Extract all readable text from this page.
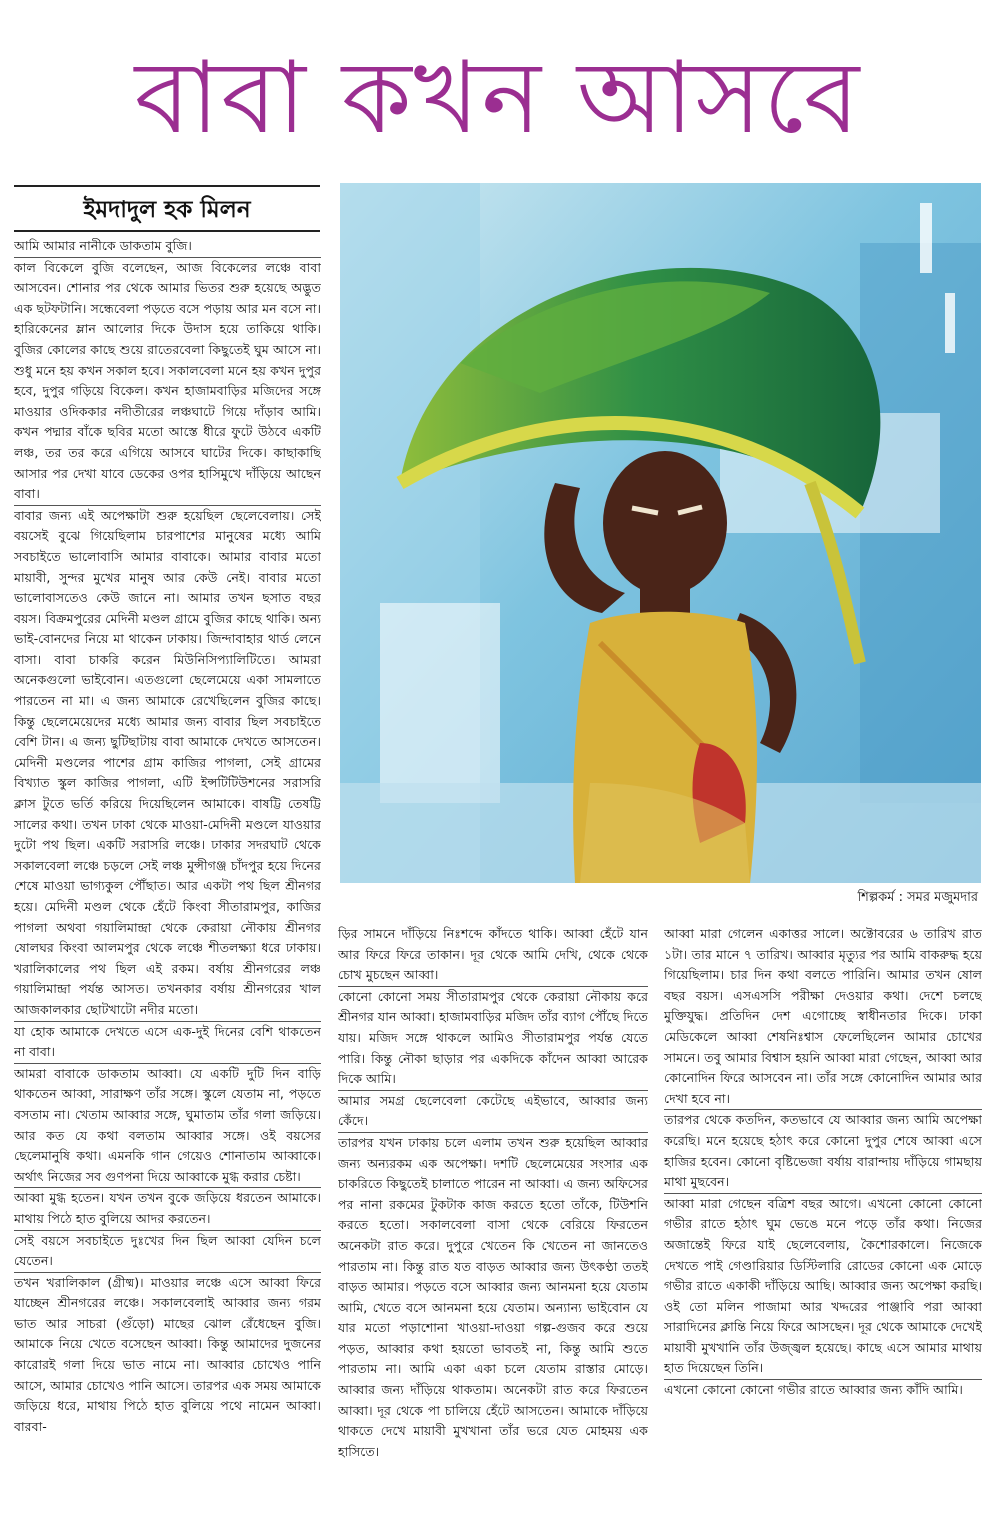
বাবা কখন আসবে
ইমদাদুল হক মিলন

আমি আমার নানীকে ডাকতাম বুজি।

কাল বিকেলে বুজি বলেছেন, আজ বিকেলের লঞ্চে বাবা আসবেন। শোনার পর থেকে আমার ভিতর শুরু হয়েছে অদ্ভুত এক ছটফটানি। সন্ধেবেলা পড়তে বসে পড়ায় আর মন বসে না। হারিকেনের ম্লান আলোর দিকে উদাস হয়ে তাকিয়ে থাকি। বুজির কোলের কাছে শুয়ে রাতেরবেলা কিছুতেই ঘুম আসে না। শুধু মনে হয় কখন সকাল হবে। সকালবেলা মনে হয় কখন দুপুর হবে, দুপুর গড়িয়ে বিকেল। কখন হাজামবাড়ির মজিদের সঙ্গে মাওয়ার ওদিককার নদীতীরের লঞ্চঘাটে গিয়ে দাঁড়াব আমি। কখন পদ্মার বাঁকে ছবির মতো আস্তে ধীরে ফুটে উঠবে একটি লঞ্চ, তর তর করে এগিয়ে আসবে ঘাটের দিকে। কাছাকাছি আসার পর দেখা যাবে ডেকের ওপর হাসিমুখে দাঁড়িয়ে আছেন বাবা।

বাবার জন্য এই অপেক্ষাটা শুরু হয়েছিল ছেলেবেলায়। সেই বয়সেই বুঝে গিয়েছিলাম চারপাশের মানুষের মধ্যে আমি সবচাইতে ভালোবাসি আমার বাবাকে। আমার বাবার মতো মায়াবী, সুন্দর মুখের মানুষ আর কেউ নেই। বাবার মতো ভালোবাসতেও কেউ জানে না। আমার তখন ছসাত বছর বয়স। বিক্রমপুরের মেদিনী মণ্ডল গ্রামে বুজির কাছে থাকি। অন্য ভাই-বোনদের নিয়ে মা থাকেন ঢাকায়। জিন্দাবাহার থার্ড লেনে বাসা। বাবা চাকরি করেন মিউনিসিপ্যালিটিতে। আমরা অনেকগুলো ভাইবোন। এতগুলো ছেলেমেয়ে একা সামলাতে পারতেন না মা। এ জন্য আমাকে রেখেছিলেন বুজির কাছে। কিন্তু ছেলেমেয়েদের মধ্যে আমার জন্য বাবার ছিল সবচাইতে বেশি টান। এ জন্য ছুটিছাটায় বাবা আমাকে দেখতে আসতেন। মেদিনী মণ্ডলের পাশের গ্রাম কাজির পাগলা, সেই গ্রামের বিখ্যাত স্কুল কাজির পাগলা, এটি ইন্সটিটিউশনের সরাসরি ক্লাস টুতে ভর্তি করিয়ে দিয়েছিলেন আমাকে। বাষট্টি তেষট্টি সালের কথা। তখন ঢাকা থেকে মাওয়া-মেদিনী মণ্ডলে যাওয়ার দুটো পথ ছিল। একটি সরাসরি লঞ্চে। ঢাকার সদরঘাট থেকে সকালবেলা লঞ্চে চড়লে সেই লঞ্চ মুন্সীগঞ্জ চাঁদপুর হয়ে দিনের শেষে মাওয়া ভাগ্যকুল পৌঁছাত। আর একটা পথ ছিল শ্রীনগর হয়ে। মেদিনী মণ্ডল থেকে হেঁটে কিংবা সীতারামপুর, কাজির পাগলা অথবা গয়ালিমান্দ্রা থেকে কেরায়া নৌকায় শ্রীনগর ষোলঘর কিংবা আলমপুর থেকে লঞ্চে শীতলক্ষ্যা ধরে ঢাকায়। খরালিকালের পথ ছিল এই রকম। বর্ষায় শ্রীনগরের লঞ্চ গয়ালিমান্দ্রা পর্যন্ত আসত। তখনকার বর্ষায় শ্রীনগরের খাল আজকালকার ছোটখাটো নদীর মতো।

যা হোক আমাকে দেখতে এসে এক-দুই দিনের বেশি থাকতেন না বাবা।

আমরা বাবাকে ডাকতাম আব্বা। যে একটি দুটি দিন বাড়ি থাকতেন আব্বা, সারাক্ষণ তাঁর সঙ্গে। স্কুলে যেতাম না, পড়তে বসতাম না। খেতাম আব্বার সঙ্গে, ঘুমাতাম তাঁর গলা জড়িয়ে। আর কত যে কথা বলতাম আব্বার সঙ্গে। ওই বয়সের ছেলেমানুষি কথা। এমনকি গান গেয়েও শোনাতাম আব্বাকে। অর্থাৎ নিজের সব গুণপনা দিয়ে আব্বাকে মুগ্ধ করার চেষ্টা।

আব্বা মুগ্ধ হতেন। যখন তখন বুকে জড়িয়ে ধরতেন আমাকে। মাথায় পিঠে হাত বুলিয়ে আদর করতেন।

সেই বয়সে সবচাইতে দুঃখের দিন ছিল আব্বা যেদিন চলে যেতেন।

তখন খরালিকাল (গ্রীষ্ম)। মাওয়ার লঞ্চে এসে আব্বা ফিরে যাচ্ছেন শ্রীনগরের লঞ্চে। সকালবেলাই আব্বার জন্য গরম ভাত আর সাচরা (গুঁড়ো) মাছের ঝোল রেঁধেছেন বুজি। আমাকে নিয়ে খেতে বসেছেন আব্বা। কিন্তু আমাদের দুজনের কারোরই গলা দিয়ে ভাত নামে না। আব্বার চোখেও পানি আসে, আমার চোখেও পানি আসে। তারপর এক সময় আমাকে জড়িয়ে ধরে, মাথায় পিঠে হাত বুলিয়ে পথে নামেন আব্বা। বারবা-

শিল্পকর্ম : সমর মজুমদার

ড়ির সামনে দাঁড়িয়ে নিঃশব্দে কাঁদতে থাকি। আব্বা হেঁটে যান আর ফিরে ফিরে তাকান। দূর থেকে আমি দেখি, থেকে থেকে চোখ মুচছেন আব্বা।

কোনো কোনো সময় সীতারামপুর থেকে কেরায়া নৌকায় করে শ্রীনগর যান আব্বা। হাজামবাড়ির মজিদ তাঁর ব্যাগ পৌঁছে দিতে যায়। মজিদ সঙ্গে থাকলে আমিও সীতারামপুর পর্যন্ত যেতে পারি। কিন্তু নৌকা ছাড়ার পর একদিকে কাঁদেন আব্বা আরেক দিকে আমি।

আমার সমগ্র ছেলেবেলা কেটেছে এইভাবে, আব্বার জন্য কেঁদে।

তারপর যখন ঢাকায় চলে এলাম তখন শুরু হয়েছিল আব্বার জন্য অন্যরকম এক অপেক্ষা। দশটি ছেলেমেয়ের সংসার এক চাকরিতে কিছুতেই চালাতে পারেন না আব্বা। এ জন্য অফিসের পর নানা রকমের টুকটাক কাজ করতে হতো তাঁকে, টিউশনি করতে হতো। সকালবেলা বাসা থেকে বেরিয়ে ফিরতেন অনেকটা রাত করে। দুপুরে খেতেন কি খেতেন না জানতেও পারতাম না। কিন্তু রাত যত বাড়ত আব্বার জন্য উৎকণ্ঠা ততই বাড়ত আমার। পড়তে বসে আব্বার জন্য আনমনা হয়ে যেতাম আমি, খেতে বসে আনমনা হয়ে যেতাম। অন্যান্য ভাইবোন যে যার মতো পড়াশোনা খাওয়া-দাওয়া গল্প-গুজব করে শুয়ে পড়ত, আব্বার কথা হয়তো ভাবতই না, কিন্তু আমি শুতে পারতাম না। আমি একা একা চলে যেতাম রাস্তার মোড়ে। আব্বার জন্য দাঁড়িয়ে থাকতাম। অনেকটা রাত করে ফিরতেন আব্বা। দূর থেকে পা চালিয়ে হেঁটে আসতেন। আমাকে দাঁড়িয়ে থাকতে দেখে মায়াবী মুখখানা তাঁর ভরে যেত মোহময় এক হাসিতে।

আব্বা মারা গেলেন একাত্তর সালে। অক্টোবরের ৬ তারিখ রাত ১টা। তার মানে ৭ তারিখ। আব্বার মৃত্যুর পর আমি বাকরুদ্ধ হয়ে গিয়েছিলাম। চার দিন কথা বলতে পারিনি। আমার তখন ষোল বছর বয়স। এসএসসি পরীক্ষা দেওয়ার কথা। দেশে চলছে মুক্তিযুদ্ধ। প্রতিদিন দেশ এগোচ্ছে স্বাধীনতার দিকে। ঢাকা মেডিকেলে আব্বা শেষনিঃশ্বাস ফেলেছিলেন আমার চোখের সামনে। তবু আমার বিশ্বাস হয়নি আব্বা মারা গেছেন, আব্বা আর কোনোদিন ফিরে আসবেন না। তাঁর সঙ্গে কোনোদিন আমার আর দেখা হবে না।

তারপর থেকে কতদিন, কতভাবে যে আব্বার জন্য আমি অপেক্ষা করেছি। মনে হয়েছে হঠাৎ করে কোনো দুপুর শেষে আব্বা এসে হাজির হবেন। কোনো বৃষ্টিভেজা বর্ষায় বারান্দায় দাঁড়িয়ে গামছায় মাথা মুছবেন।

আব্বা মারা গেছেন বত্রিশ বছর আগে। এখনো কোনো কোনো গভীর রাতে হঠাৎ ঘুম ভেঙে মনে পড়ে তাঁর কথা। নিজের অজান্তেই ফিরে যাই ছেলেবেলায়, কৈশোরকালে। নিজেকে দেখতে পাই গেণ্ডারিয়ার ডিস্টিলারি রোডের কোনো এক মোড়ে গভীর রাতে একাকী দাঁড়িয়ে আছি। আব্বার জন্য অপেক্ষা করছি। ওই তো মলিন পাজামা আর খদ্দরের পাঞ্জাবি পরা আব্বা সারাদিনের ক্লান্তি নিয়ে ফিরে আসছেন। দূর থেকে আমাকে দেখেই মায়াবী মুখখানি তাঁর উজ্জ্বল হয়েছে। কাছে এসে আমার মাথায় হাত দিয়েছেন তিনি।

এখনো কোনো কোনো গভীর রাতে আব্বার জন্য কাঁদি আমি।
